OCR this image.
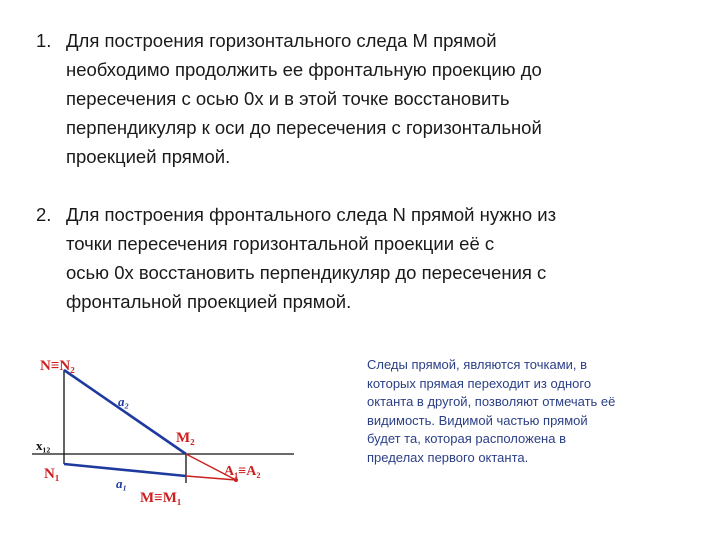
1. Для построения горизонтального следа М прямой
необходимо продолжить ее фронтальную проекцию до
пересечения с осью 0х и в этой точке восстановить
перпендикуляр к оси до пересечения с горизонтальной
проекцией прямой.
2. Для построения фронтального следа N прямой нужно из
точки пересечения горизонтальной проекции её с
осью 0х восстановить перпендикуляр до пересечения с
фронтальной проекцией прямой.
N≡N₂
a₂
M₂
x₁₂
N₁
a₁
M≡M₁
A₁≡A₂
Следы прямой, являются точками, в
которых прямая переходит из одного
октанта в другой, позволяют отмечать её
видимость. Видимой частью прямой
будет та, которая расположена в
пределах первого октанта.
